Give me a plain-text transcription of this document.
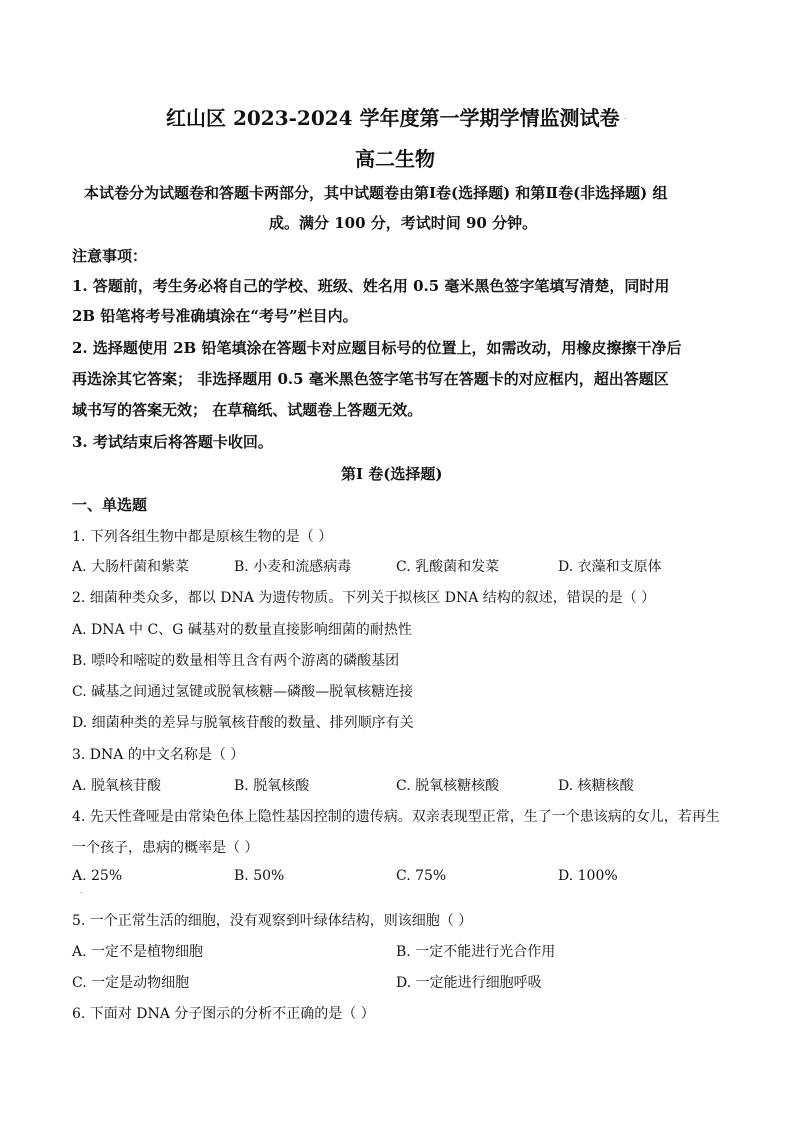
红山区 2023-2024 学年度第一学期学情监测试卷 .
高二生物
本试卷分为试题卷和答题卡两部分，其中试题卷由第Ⅰ卷(选择题) 和第Ⅱ卷(非选择题) 组
成。满分 100 分，考试时间 90 分钟。
注意事项：
1. 答题前，考生务必将自己的学校、班级、姓名用 0.5 毫米黑色签字笔填写清楚，同时用
2B 铅笔将考号准确填涂在“考号”栏目内。
2. 选择题使用 2B 铅笔填涂在答题卡对应题目标号的位置上，如需改动，用橡皮擦擦干净后
再选涂其它答案； 非选择题用 0.5 毫米黑色签字笔书写在答题卡的对应框内，超出答题区
域书写的答案无效； 在草稿纸、试题卷上答题无效。
3. 考试结束后将答题卡收回。
第Ⅰ 卷(选择题)
一、单选题
1. 下列各组生物中都是原核生物的是（ ）
A. 大肠杆菌和紫菜	B. 小麦和流感病毒	C. 乳酸菌和发菜	D. 衣藻和支原体
2. 细菌种类众多，都以 DNA 为遗传物质。下列关于拟核区 DNA 结构的叙述，错误的是（ ）
A. DNA 中 C、G 碱基对的数量直接影响细菌的耐热性
B. 嘌呤和嘧啶的数量相等且含有两个游离的磷酸基团
C. 碱基之间通过氢键或脱氧核糖—磷酸—脱氧核糖连接
D. 细菌种类的差异与脱氧核苷酸的数量、排列顺序有关
3. DNA 的中文名称是（ ）
A. 脱氧核苷酸	B. 脱氧核酸	C. 脱氧核糖核酸	D. 核糖核酸
4. 先天性聋哑是由常染色体上隐性基因控制的遗传病。双亲表现型正常，生了一个患该病的女儿，若再生
一个孩子，患病的概率是（ ）
A. 25%	B. 50%	C. 75%	D. 100%
.
5. 一个正常生活的细胞，没有观察到叶绿体结构，则该细胞（ ）
A. 一定不是植物细胞	B. 一定不能进行光合作用
C. 一定是动物细胞	D. 一定能进行细胞呼吸
6. 下面对 DNA 分子图示的分析不正确的是（ ）
